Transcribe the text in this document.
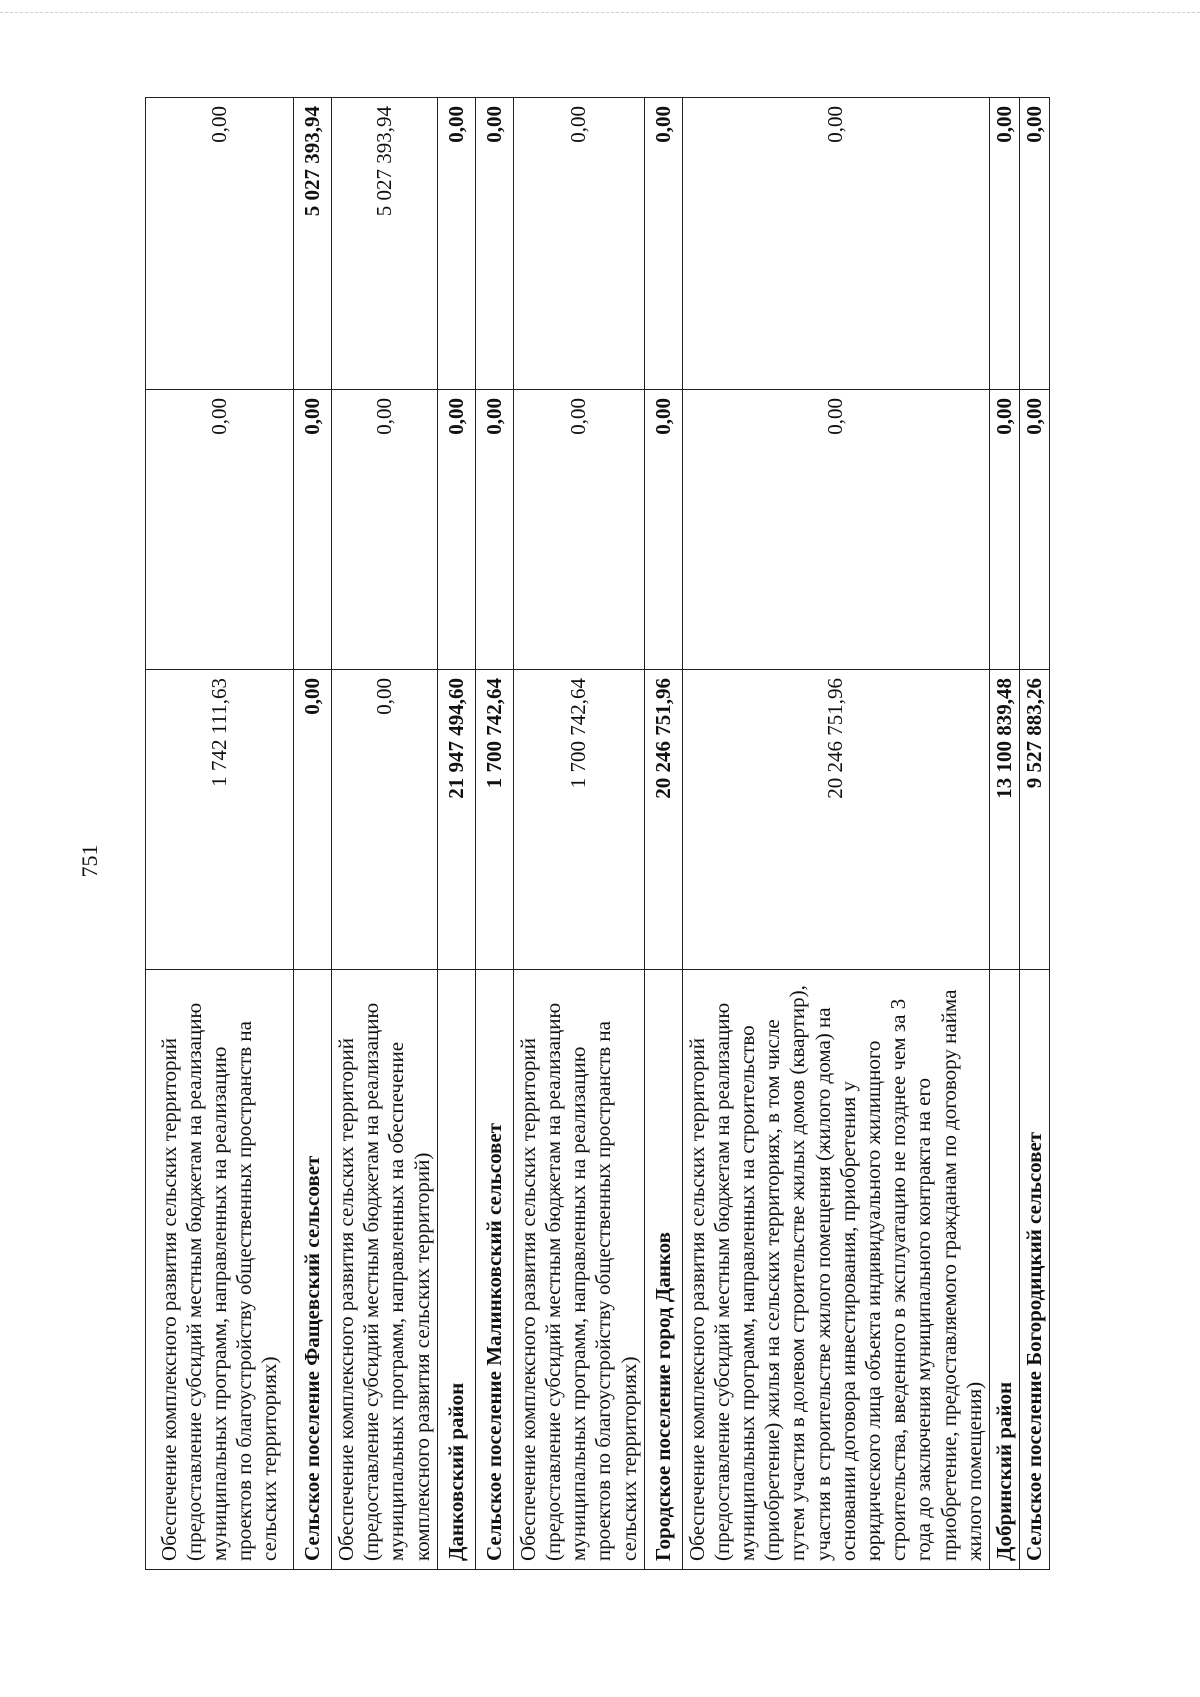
751
Обеспечение комплексного развития сельских территорий (предоставление субсидий местным бюджетам на реализацию муниципальных программ, направленных на реализацию проектов по благоустройству общественных пространств на сельских территориях)	1 742 111,63	0,00	0,00
Сельское поселение Фащевский сельсовет	0,00	0,00	5 027 393,94
Обеспечение комплексного развития сельских территорий (предоставление субсидий местным бюджетам на реализацию муниципальных программ, направленных на обеспечение комплексного развития сельских территорий)	0,00	0,00	5 027 393,94
Данковский район	21 947 494,60	0,00	0,00
Сельское поселение Малинковский сельсовет	1 700 742,64	0,00	0,00
Обеспечение комплексного развития сельских территорий (предоставление субсидий местным бюджетам на реализацию муниципальных программ, направленных на реализацию проектов по благоустройству общественных пространств на сельских территориях)	1 700 742,64	0,00	0,00
Городское поселение город Данков	20 246 751,96	0,00	0,00
Обеспечение комплексного развития сельских территорий (предоставление субсидий местным бюджетам на реализацию муниципальных программ, направленных на строительство (приобретение) жилья на сельских территориях, в том числе путем участия в долевом строительстве жилых домов (квартир), участия в строительстве жилого помещения (жилого дома) на основании договора инвестирования, приобретения у юридического лица объекта индивидуального жилищного строительства, введенного в эксплуатацию не позднее чем за 3 года до заключения муниципального контракта на его приобретение, предоставляемого гражданам по договору найма жилого помещения)	20 246 751,96	0,00	0,00
Добринский район	13 100 839,48	0,00	0,00
Сельское поселение Богородицкий сельсовет	9 527 883,26	0,00	0,00
